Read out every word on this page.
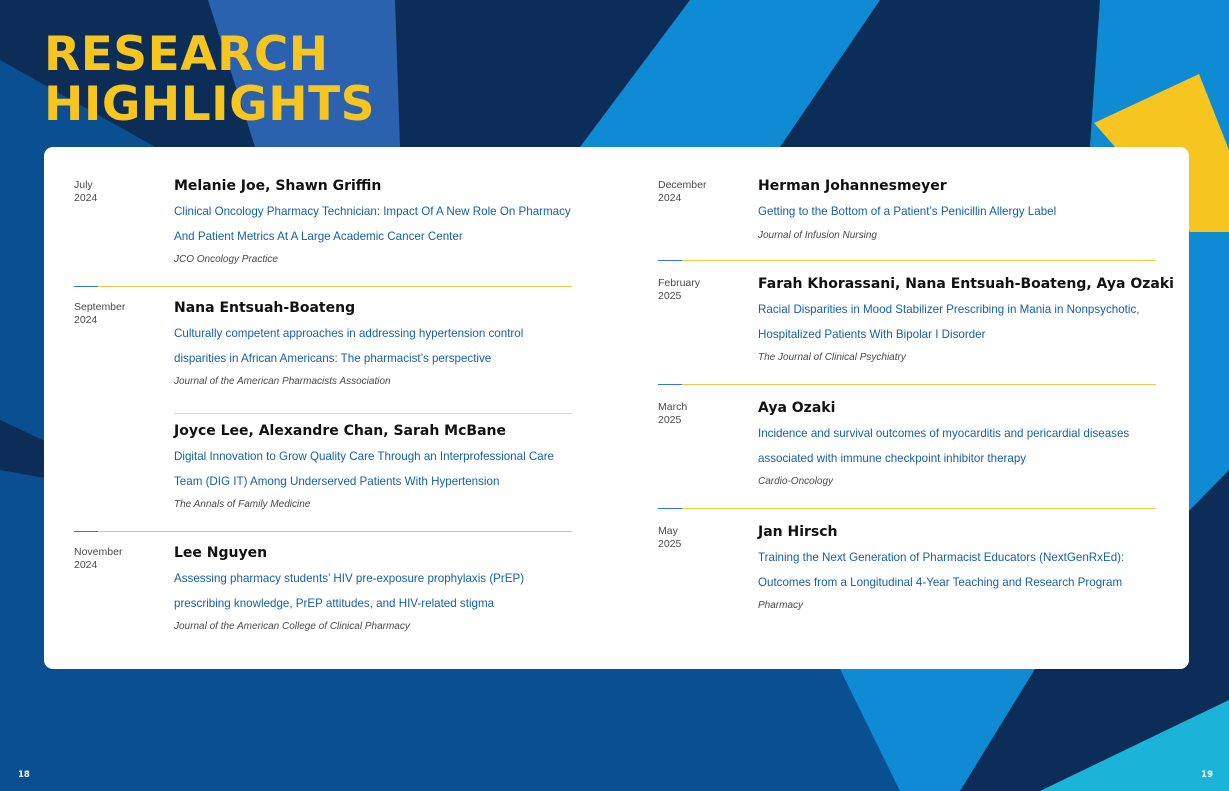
RESEARCH
HIGHLIGHTS
July
2024
Melanie Joe, Shawn Griffin
Clinical Oncology Pharmacy Technician: Impact Of A New Role On Pharmacy And Patient Metrics At A Large Academic Cancer Center
JCO Oncology Practice
September
2024
Nana Entsuah-Boateng
Culturally competent approaches in addressing hypertension control disparities in African Americans: The pharmacist’s perspective
Journal of the American Pharmacists Association
Joyce Lee, Alexandre Chan, Sarah McBane
Digital Innovation to Grow Quality Care Through an Interprofessional Care Team (DIG IT) Among Underserved Patients With Hypertension
The Annals of Family Medicine
November
2024
Lee Nguyen
Assessing pharmacy students’ HIV pre-exposure prophylaxis (PrEP) prescribing knowledge, PrEP attitudes, and HIV-related stigma
Journal of the American College of Clinical Pharmacy
December
2024
Herman Johannesmeyer
Getting to the Bottom of a Patient’s Penicillin Allergy Label
Journal of Infusion Nursing
February
2025
Farah Khorassani, Nana Entsuah-Boateng, Aya Ozaki
Racial Disparities in Mood Stabilizer Prescribing in Mania in Nonpsychotic, Hospitalized Patients With Bipolar I Disorder
The Journal of Clinical Psychiatry
March
2025
Aya Ozaki
Incidence and survival outcomes of myocarditis and pericardial diseases associated with immune checkpoint inhibitor therapy
Cardio-Oncology
May
2025
Jan Hirsch
Training the Next Generation of Pharmacist Educators (NextGenRxEd): Outcomes from a Longitudinal 4-Year Teaching and Research Program
Pharmacy
18	19
